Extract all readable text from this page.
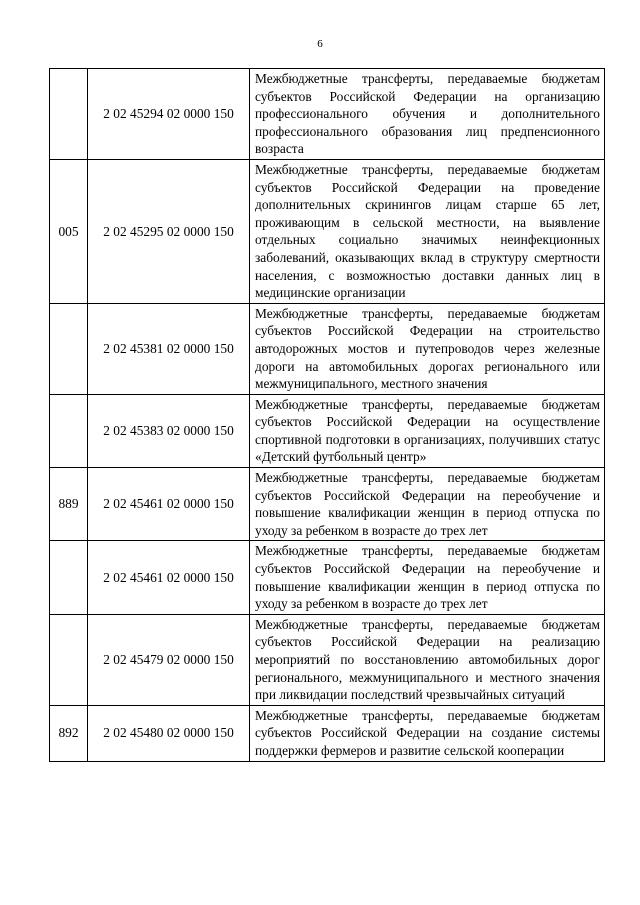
6
	2 02 45294 02 0000 150	Межбюджетные трансферты, передаваемые бюджетам субъектов Российской Федерации на организацию профессионального обучения и дополнительного профессионального образования лиц предпенсионного возраста
005	2 02 45295 02 0000 150	Межбюджетные трансферты, передаваемые бюджетам субъектов Российской Федерации на проведение дополнительных скринингов лицам старше 65 лет, проживающим в сельской местности, на выявление отдельных социально значимых неинфекционных заболеваний, оказывающих вклад в структуру смертности населения, с возможностью доставки данных лиц в медицинские организации
	2 02 45381 02 0000 150	Межбюджетные трансферты, передаваемые бюджетам субъектов Российской Федерации на строительство автодорожных мостов и путепроводов через железные дороги на автомобильных дорогах регионального или межмуниципального, местного значения
	2 02 45383 02 0000 150	Межбюджетные трансферты, передаваемые бюджетам субъектов Российской Федерации на осуществление спортивной подготовки в организациях, получивших статус «Детский футбольный центр»
889	2 02 45461 02 0000 150	Межбюджетные трансферты, передаваемые бюджетам субъектов Российской Федерации на переобучение и повышение квалификации женщин в период отпуска по уходу за ребенком в возрасте до трех лет
	2 02 45461 02 0000 150	Межбюджетные трансферты, передаваемые бюджетам субъектов Российской Федерации на переобучение и повышение квалификации женщин в период отпуска по уходу за ребенком в возрасте до трех лет
	2 02 45479 02 0000 150	Межбюджетные трансферты, передаваемые бюджетам субъектов Российской Федерации на реализацию мероприятий по восстановлению автомобильных дорог регионального, межмуниципального и местного значения при ликвидации последствий чрезвычайных ситуаций
892	2 02 45480 02 0000 150	Межбюджетные трансферты, передаваемые бюджетам субъектов Российской Федерации на создание системы поддержки фермеров и развитие сельской кооперации
